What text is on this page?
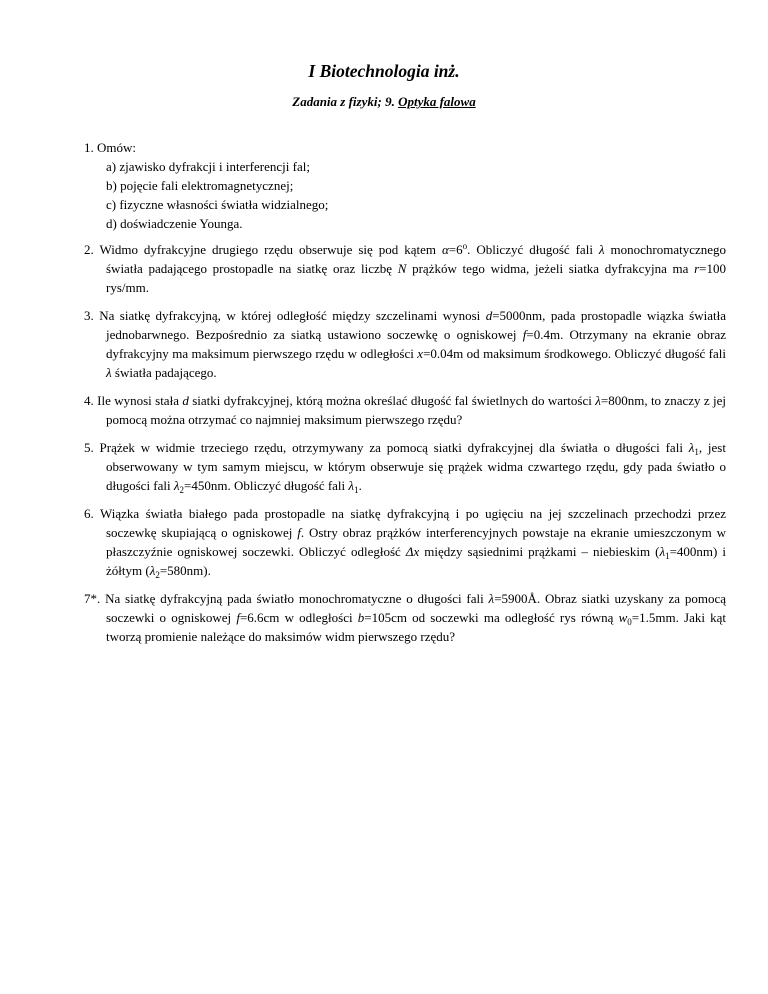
I Biotechnologia inż.
Zadania z fizyki; 9. Optyka falowa
1. Omów:
a) zjawisko dyfrakcji i interferencji fal;
b) pojęcie fali elektromagnetycznej;
c) fizyczne własności światła widzialnego;
d) doświadczenie Younga.
2. Widmo dyfrakcyjne drugiego rzędu obserwuje się pod kątem $\alpha=6^o$. Obliczyć długość fali λ monochromatycznego światła padającego prostopadle na siatkę oraz liczbę N prążków tego widma, jeżeli siatka dyfrakcyjna ma r=100 rys/mm.
3. Na siatkę dyfrakcyjną, w której odległość między szczelinami wynosi d=5000nm, pada prostopadle wiązka światła jednobarwnego. Bezpośrednio za siatką ustawiono soczewkę o ogniskowej f=0.4m. Otrzymany na ekranie obraz dyfrakcyjny ma maksimum pierwszego rzędu w odległości x=0.04m od maksimum środkowego. Obliczyć długość fali λ światła padającego.
4. Ile wynosi stała d siatki dyfrakcyjnej, którą można określać długość fal świetlnych do wartości λ=800nm, to znaczy z jej pomocą można otrzymać co najmniej maksimum pierwszego rzędu?
5. Prążek w widmie trzeciego rzędu, otrzymywany za pomocą siatki dyfrakcyjnej dla światła o długości fali $\lambda_1$, jest obserwowany w tym samym miejscu, w którym obserwuje się prążek widma czwartego rzędu, gdy pada światło o długości fali $\lambda_2=450nm$. Obliczyć długość fali $\lambda_1$.
6. Wiązka światła białego pada prostopadle na siatkę dyfrakcyjną i po ugięciu na jej szczelinach przechodzi przez soczewkę skupiającą o ogniskowej f. Ostry obraz prążków interferencyjnych powstaje na ekranie umieszczonym w płaszczyźnie ogniskowej soczewki. Obliczyć odległość Δx między sąsiednimi prążkami – niebieskim $(\lambda_1=400nm)$ i żółtym $(\lambda_2=580nm)$.
7*. Na siatkę dyfrakcyjną pada światło monochromatyczne o długości fali λ=5900Å. Obraz siatki uzyskany za pomocą soczewki o ogniskowej f=6.6cm w odległości b=105cm od soczewki ma odległość rys równą $w_0=1.5mm$. Jaki kąt tworzą promienie należące do maksimów widm pierwszego rzędu?
